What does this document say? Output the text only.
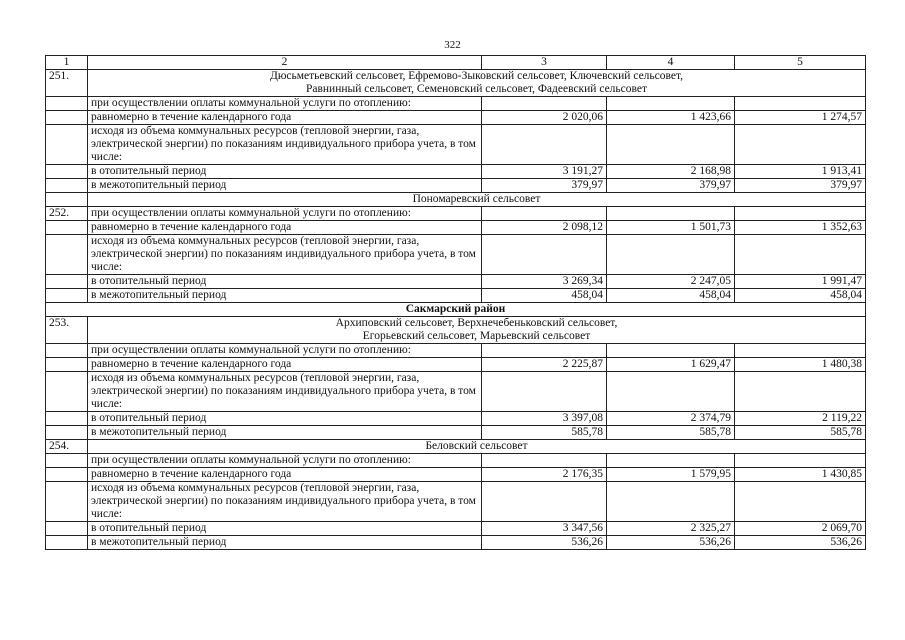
322
1	2	3	4	5
251.	Дюсьметьевский сельсовет, Ефремово-Зыковский сельсовет, Ключевский сельсовет,
Равнинный сельсовет, Семеновский сельсовет, Фадеевский сельсовет			

	при осуществлении оплаты коммунальной услуги по отоплению:			
	равномерно в течение календарного года	2 020,06	1 423,66	1 274,57
	исходя из объема коммунальных ресурсов (тепловой энергии, газа, электрической энергии) по показаниям индивидуального прибора учета, в том числе:			
	в отопительный период	3 191,27	2 168,98	1 913,41
	в межотопительный период	379,97	379,97	379,97

	Пономаревский сельсовет			

252.	при осуществлении оплаты коммунальной услуги по отоплению:			
	равномерно в течение календарного года	2 098,12	1 501,73	1 352,63
	исходя из объема коммунальных ресурсов (тепловой энергии, газа, электрической энергии) по показаниям индивидуального прибора учета, в том числе:			
	в отопительный период	3 269,34	2 247,05	1 991,47
	в межотопительный период	458,04	458,04	458,04
Сакмарский район				
253.	Архиповский сельсовет, Верхнечебеньковский сельсовет,
Егорьевский сельсовет, Марьевский сельсовет			

	при осуществлении оплаты коммунальной услуги по отоплению:			
	равномерно в течение календарного года	2 225,87	1 629,47	1 480,38
	исходя из объема коммунальных ресурсов (тепловой энергии, газа, электрической энергии) по показаниям индивидуального прибора учета, в том числе:			
	в отопительный период	3 397,08	2 374,79	2 119,22
	в межотопительный период	585,78	585,78	585,78
254.	Беловский сельсовет			

	при осуществлении оплаты коммунальной услуги по отоплению:			
	равномерно в течение календарного года	2 176,35	1 579,95	1 430,85
	исходя из объема коммунальных ресурсов (тепловой энергии, газа, электрической энергии) по показаниям индивидуального прибора учета, в том числе:			
	в отопительный период	3 347,56	2 325,27	2 069,70
	в межотопительный период	536,26	536,26	536,26
